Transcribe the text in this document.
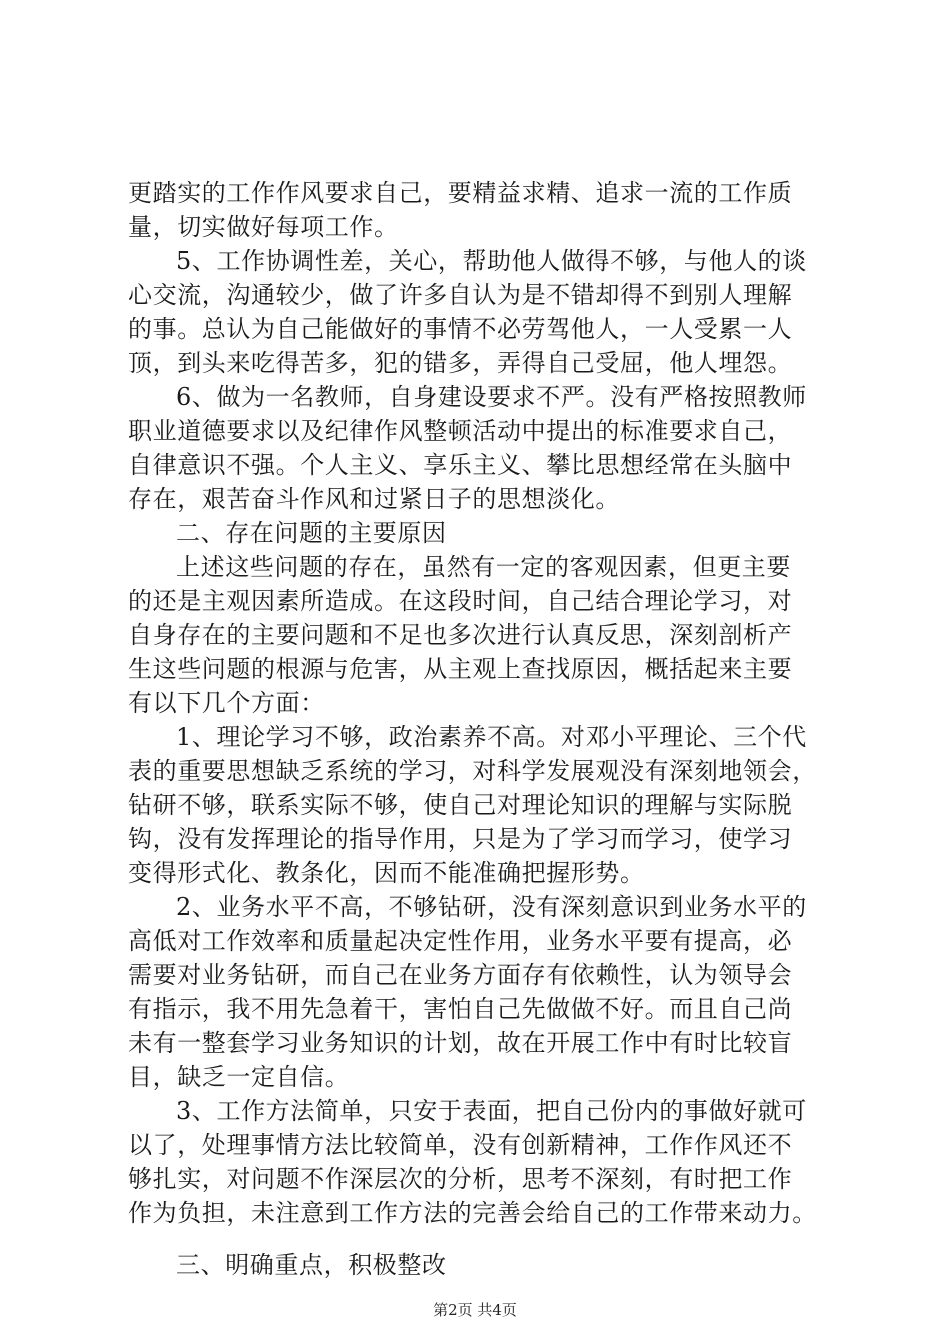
更踏实的工作作风要求自己，要精益求精、追求一流的工作质
量，切实做好每项工作。
5、工作协调性差，关心，帮助他人做得不够，与他人的谈
心交流，沟通较少，做了许多自认为是不错却得不到别人理解
的事。总认为自己能做好的事情不必劳驾他人，一人受累一人
顶，到头来吃得苦多，犯的错多，弄得自己受屈，他人埋怨。
6、做为一名教师，自身建设要求不严。没有严格按照教师
职业道德要求以及纪律作风整顿活动中提出的标准要求自己，
自律意识不强。个人主义、享乐主义、攀比思想经常在头脑中
存在，艰苦奋斗作风和过紧日子的思想淡化。
二、存在问题的主要原因
上述这些问题的存在，虽然有一定的客观因素，但更主要
的还是主观因素所造成。在这段时间，自己结合理论学习，对
自身存在的主要问题和不足也多次进行认真反思，深刻剖析产
生这些问题的根源与危害，从主观上查找原因，概括起来主要
有以下几个方面：
1、理论学习不够，政治素养不高。对邓小平理论、三个代
表的重要思想缺乏系统的学习，对科学发展观没有深刻地领会，
钻研不够，联系实际不够，使自己对理论知识的理解与实际脱
钩，没有发挥理论的指导作用，只是为了学习而学习，使学习
变得形式化、教条化，因而不能准确把握形势。
2、业务水平不高，不够钻研，没有深刻意识到业务水平的
高低对工作效率和质量起决定性作用，业务水平要有提高，必
需要对业务钻研，而自己在业务方面存有依赖性，认为领导会
有指示，我不用先急着干，害怕自己先做做不好。而且自己尚
未有一整套学习业务知识的计划，故在开展工作中有时比较盲
目，缺乏一定自信。
3、工作方法简单，只安于表面，把自己份内的事做好就可
以了，处理事情方法比较简单，没有创新精神，工作作风还不
够扎实，对问题不作深层次的分析，思考不深刻，有时把工作
作为负担，未注意到工作方法的完善会给自己的工作带来动力。
三、明确重点，积极整改
第2页 共4页
